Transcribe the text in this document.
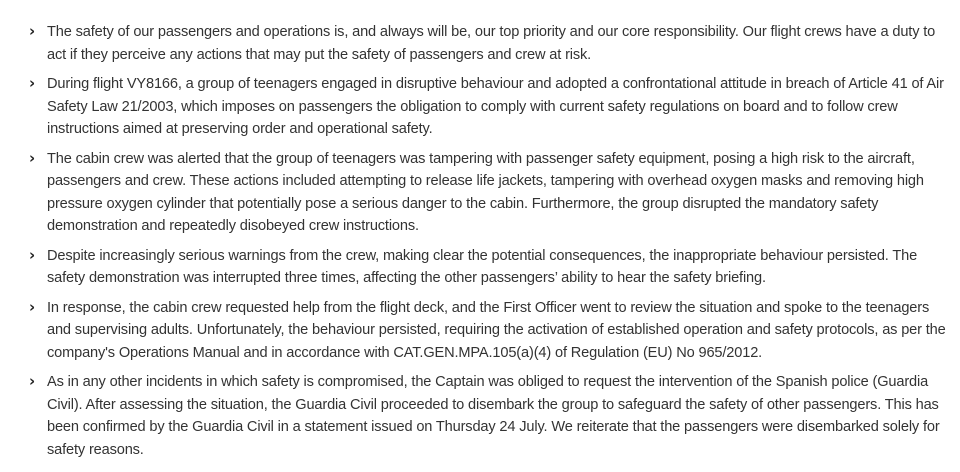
› The safety of our passengers and operations is, and always will be, our top priority and our core responsibility. Our flight crews have a duty to act if they perceive any actions that may put the safety of passengers and crew at risk.
› During flight VY8166, a group of teenagers engaged in disruptive behaviour and adopted a confrontational attitude in breach of Article 41 of Air Safety Law 21/2003, which imposes on passengers the obligation to comply with current safety regulations on board and to follow crew instructions aimed at preserving order and operational safety.
› The cabin crew was alerted that the group of teenagers was tampering with passenger safety equipment, posing a high risk to the aircraft, passengers and crew. These actions included attempting to release life jackets, tampering with overhead oxygen masks and removing high pressure oxygen cylinder that potentially pose a serious danger to the cabin. Furthermore, the group disrupted the mandatory safety demonstration and repeatedly disobeyed crew instructions.
› Despite increasingly serious warnings from the crew, making clear the potential consequences, the inappropriate behaviour persisted. The safety demonstration was interrupted three times, affecting the other passengers’ ability to hear the safety briefing.
› In response, the cabin crew requested help from the flight deck, and the First Officer went to review the situation and spoke to the teenagers and supervising adults. Unfortunately, the behaviour persisted, requiring the activation of established operation and safety protocols, as per the company's Operations Manual and in accordance with CAT.GEN.MPA.105(a)(4) of Regulation (EU) No 965/2012.
› As in any other incidents in which safety is compromised, the Captain was obliged to request the intervention of the Spanish police (Guardia Civil). After assessing the situation, the Guardia Civil proceeded to disembark the group to safeguard the safety of other passengers. This has been confirmed by the Guardia Civil in a statement issued on Thursday 24 July. We reiterate that the passengers were disembarked solely for safety reasons.
